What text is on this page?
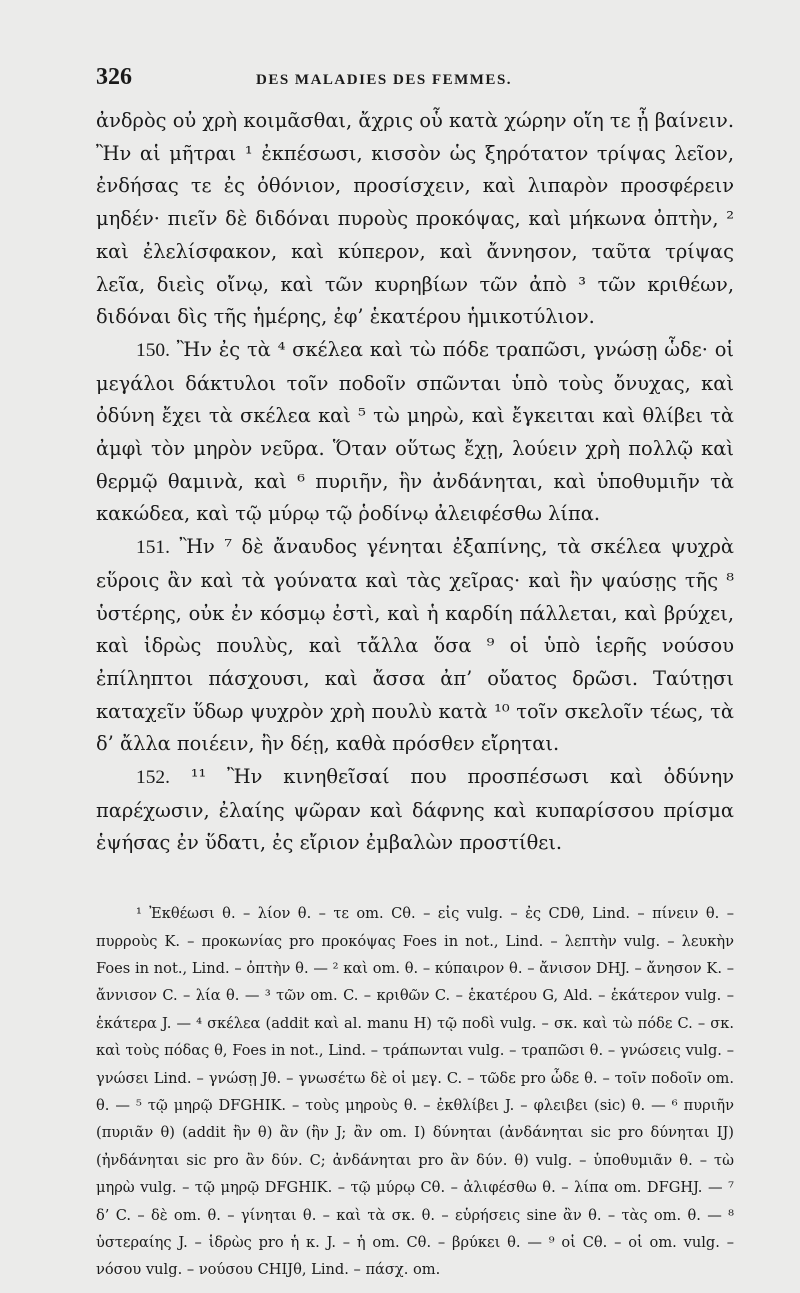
326	DES MALADIES DES FEMMES.

ἀνδρὸς οὐ χρὴ κοιμᾶσθαι, ἄχρις οὗ κατὰ χώρην οἵη τε ᾖ βαίνειν. Ἢν αἱ μῆτραι ¹ ἐκπέσωσι, κισσὸν ὡς ξηρότατον τρίψας λεῖον, ἐνδήσας τε ἐς ὀθόνιον, προσίσχειν, καὶ λιπαρὸν προσφέρειν μηδέν· πιεῖν δὲ διδόναι πυροὺς προκόψας, καὶ μήκωνα ὀπτὴν, ² καὶ ἐλελίσφακον, καὶ κύπερον, καὶ ἄννησον, ταῦτα τρίψας λεῖα, διεὶς οἴνῳ, καὶ τῶν κυρηβίων τῶν ἀπὸ ³ τῶν κριθέων, διδόναι δὶς τῆς ἡμέρης, ἐφ’ ἑκατέρου ἡμικοτύλιον.

150. Ἢν ἐς τὰ ⁴ σκέλεα καὶ τὼ πόδε τραπῶσι, γνώσῃ ὧδε· οἱ μεγάλοι δάκτυλοι τοῖν ποδοῖν σπῶνται ὑπὸ τοὺς ὄνυχας, καὶ ὀδύνη ἔχει τὰ σκέλεα καὶ ⁵ τὼ μηρὼ, καὶ ἔγκειται καὶ θλίβει τὰ ἀμφὶ τὸν μηρὸν νεῦρα. Ὅταν οὕτως ἔχῃ, λούειν χρὴ πολλῷ καὶ θερμῷ θαμινὰ, καὶ ⁶ πυριῆν, ἣν ἀνδάνηται, καὶ ὑποθυμιῆν τὰ κακώδεα, καὶ τῷ μύρῳ τῷ ῥοδίνῳ ἀλειφέσθω λίπα.

151. Ἢν ⁷ δὲ ἄναυδος γένηται ἐξαπίνης, τὰ σκέλεα ψυχρὰ εὕροις ἂν καὶ τὰ γούνατα καὶ τὰς χεῖρας· καὶ ἢν ψαύσῃς τῆς ⁸ ὑστέρης, οὐκ ἐν κόσμῳ ἐστὶ, καὶ ἡ καρδίη πάλλεται, καὶ βρύχει, καὶ ἱδρὼς πουλὺς, καὶ τἄλλα ὅσα ⁹ οἱ ὑπὸ ἱερῆς νούσου ἐπίληπτοι πάσχουσι, καὶ ἄσσα ἀπ’ οὔατος δρῶσι. Ταύτῃσι καταχεῖν ὕδωρ ψυχρὸν χρὴ πουλὺ κατὰ ¹⁰ τοῖν σκελοῖν τέως, τὰ δ’ ἄλλα ποιέειν, ἢν δέῃ, καθὰ πρόσθεν εἴρηται.

152. ¹¹ Ἢν κινηθεῖσαί που προσπέσωσι καὶ ὀδύνην παρέχωσιν, ἐλαίης ψῶραν καὶ δάφνης καὶ κυπαρίσσου πρίσμα ἑψήσας ἐν ὕδατι, ἐς εἴριον ἐμβαλὼν προστίθει.

¹ Ἐκθέωσι θ. – λίον θ. – τε om. Cθ. – εἰς vulg. – ἐς CDθ, Lind. – πίνειν θ. – πυρροὺς K. – προκωνίας pro προκόψας Foes in not., Lind. – λεπτὴν vulg. – λευκὴν Foes in not., Lind. – ὀπτὴν θ. — ² καὶ om. θ. – κύπαιρον θ. – ἄνισον DHJ. – ἄνησον K. – ἄννισον C. – λία θ. — ³ τῶν om. C. – κριθῶν C. – ἑκατέρου G, Ald. – ἑκάτερον vulg. – ἑκάτερα J. — ⁴ σκέλεα (addit καὶ al. manu H) τῷ ποδὶ vulg. – σκ. καὶ τὼ πόδε C. – σκ. καὶ τοὺς πόδας θ, Foes in not., Lind. – τράπωνται vulg. – τραπῶσι θ. – γνώσεις vulg. – γνώσει Lind. – γνώσῃ Jθ. – γνωσέτω δὲ οἱ μεγ. C. – τῶδε pro ὧδε θ. – τοῖν ποδοῖν om. θ. — ⁵ τῷ μηρῷ DFGHIK. – τοὺς μηροὺς θ. – ἐκθλίβει J. – φλειβει (sic) θ. — ⁶ πυριῆν (πυριᾶν θ) (addit ἢν θ) ἂν (ἢν J; ἂν om. I) δύνηται (ἀνδάνηται sic pro δύνηται IJ) (ἠνδάνηται sic pro ἂν δύν. C; ἀνδάνηται pro ἂν δύν. θ) vulg. – ὑποθυμιᾶν θ. – τὼ μηρὼ vulg. – τῷ μηρῷ DFGHIK. – τῷ μύρῳ Cθ. – ἀλιφέσθω θ. – λίπα om. DFGHJ. — ⁷ δ’ C. – δὲ om. θ. – γίνηται θ. – καὶ τὰ σκ. θ. – εὑρήσεις sine ἂν θ. – τὰς om. θ. — ⁸ ὑστεραίης J. – ἱδρὼς pro ἡ κ. J. – ἡ om. Cθ. – βρύκει θ. — ⁹ οἱ Cθ. – οἱ om. vulg. – νόσου vulg. – νούσου CHIJθ, Lind. – πάσχ. om.
